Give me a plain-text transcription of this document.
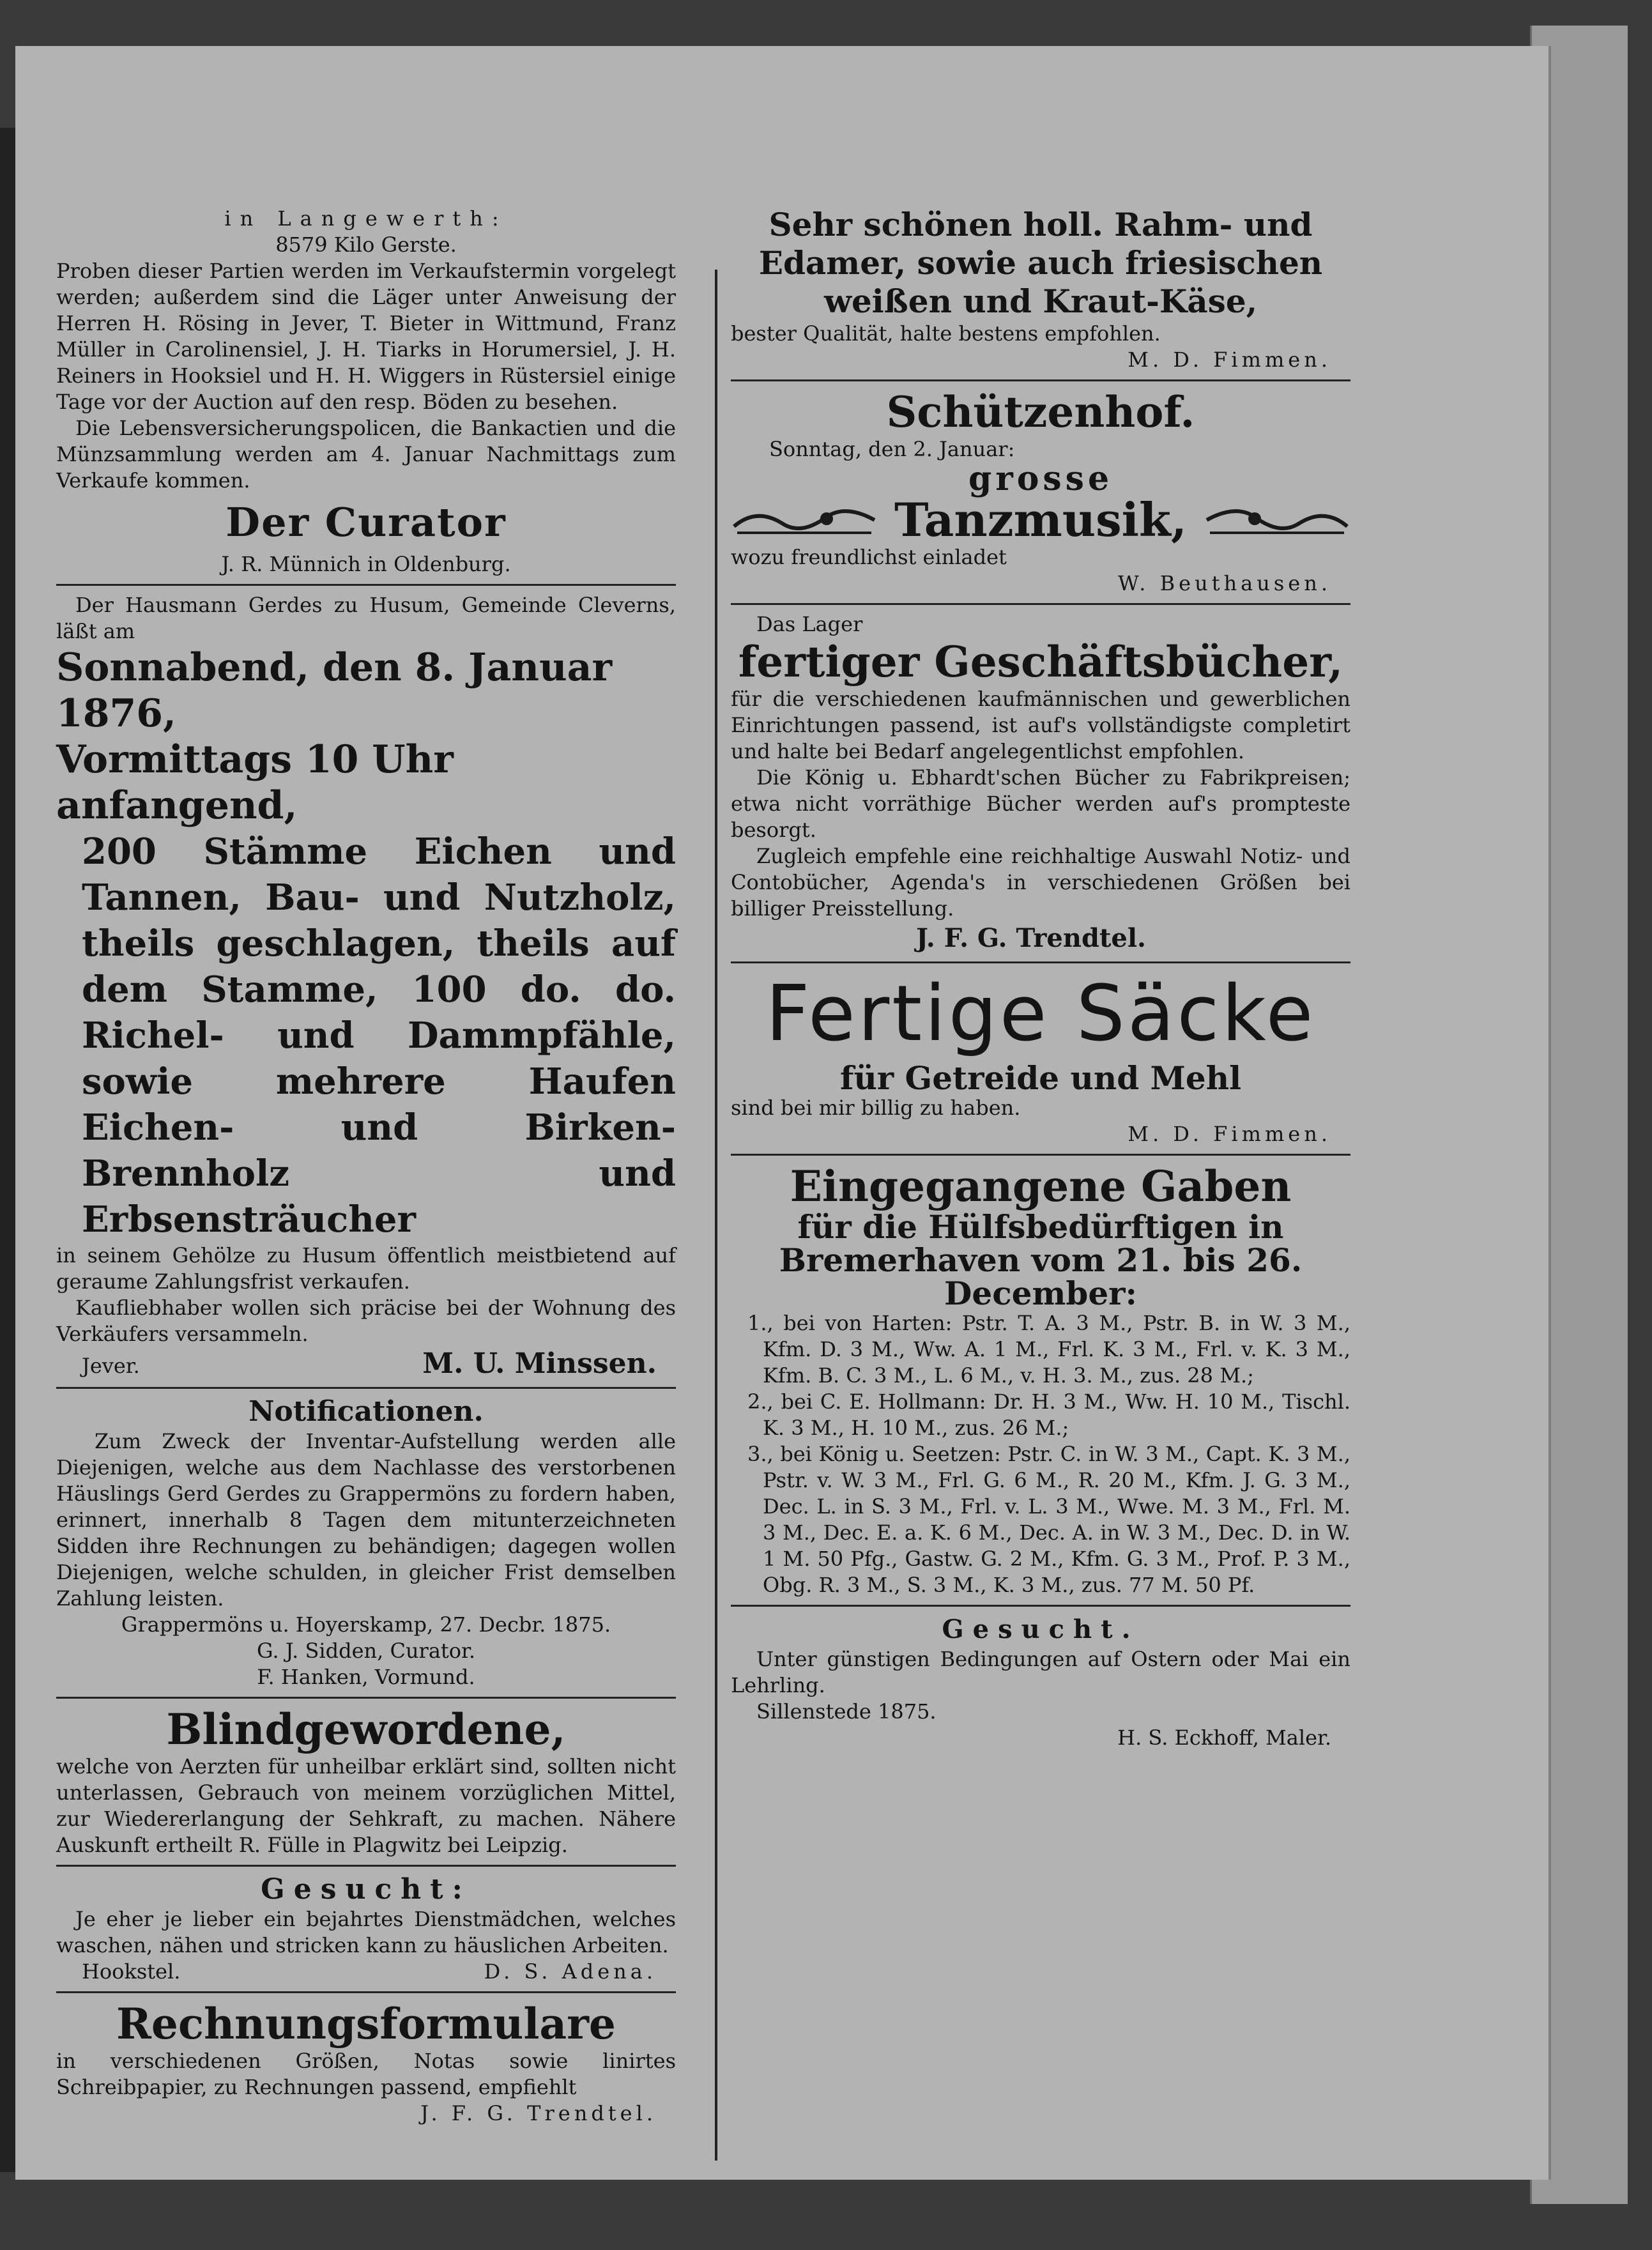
in Langewerth:

8579 Kilo Gerste.

Proben dieser Partien werden im Verkaufstermin vorgelegt werden; außerdem sind die Läger unter Anweisung der Herren H. Rösing in Jever, T. Bieter in Wittmund, Franz Müller in Carolinensiel, J. H. Tiarks in Horumersiel, J. H. Reiners in Hooksiel und H. H. Wiggers in Rüstersiel einige Tage vor der Auction auf den resp. Böden zu besehen.

Die Lebensversicherungspolicen, die Bankactien und die Münzsammlung werden am 4. Januar Nachmittags zum Verkaufe kommen.

Der Curator

J. R. Münnich in Oldenburg.

Der Hausmann Gerdes zu Husum, Gemeinde Cleverns, läßt am

Sonnabend, den 8. Januar 1876,

Vormittags 10 Uhr anfangend,

200 Stämme Eichen und Tannen, Bau- und Nutzholz, theils geschlagen, theils auf dem Stamme, 100 do. do. Richel- und Dammpfähle, sowie mehrere Haufen Eichen- und Birken-Brennholz und Erbsensträucher

in seinem Gehölze zu Husum öffentlich meistbietend auf geraume Zahlungsfrist verkaufen.

Kaufliebhaber wollen sich präcise bei der Wohnung des Verkäufers versammeln.

Jever.	M. U. Minssen.

Notificationen.

Zum Zweck der Inventar-Aufstellung werden alle Diejenigen, welche aus dem Nachlasse des verstorbenen Häuslings Gerd Gerdes zu Grappermöns zu fordern haben, erinnert, innerhalb 8 Tagen dem mitunterzeichneten Sidden ihre Rechnungen zu behändigen; dagegen wollen Diejenigen, welche schulden, in gleicher Frist demselben Zahlung leisten.

Grappermöns u. Hoyerskamp, 27. Decbr. 1875.

G. J. Sidden, Curator.

F. Hanken, Vormund.

Blindgewordene,

welche von Aerzten für unheilbar erklärt sind, sollten nicht unterlassen, Gebrauch von meinem vorzüglichen Mittel, zur Wiedererlangung der Sehkraft, zu machen. Nähere Auskunft ertheilt R. Fülle in Plagwitz bei Leipzig.

Gesucht:

Je eher je lieber ein bejahrtes Dienstmädchen, welches waschen, nähen und stricken kann zu häuslichen Arbeiten.

Hookstel.	D. S. Adena.

Rechnungsformulare

in verschiedenen Größen, Notas sowie linirtes Schreibpapier, zu Rechnungen passend, empfiehlt

J. F. G. Trendtel.

Sehr schönen holl. Rahm- und Edamer, sowie auch friesischen weißen und Kraut-Käse,

bester Qualität, halte bestens empfohlen.

M. D. Fimmen.

Schützenhof.

Sonntag, den 2. Januar:

grosse

Tanzmusik,

wozu freundlichst einladet

W. Beuthausen.

Das Lager

fertiger Geschäftsbücher,

für die verschiedenen kaufmännischen und gewerblichen Einrichtungen passend, ist auf's vollständigste completirt und halte bei Bedarf angelegentlichst empfohlen.

Die König u. Ebhardt'schen Bücher zu Fabrikpreisen; etwa nicht vorräthige Bücher werden auf's prompteste besorgt.

Zugleich empfehle eine reichhaltige Auswahl Notiz- und Contobücher, Agenda's in verschiedenen Größen bei billiger Preisstellung.

J. F. G. Trendtel.

Fertige Säcke

für Getreide und Mehl

sind bei mir billig zu haben.

M. D. Fimmen.

Eingegangene Gaben

für die Hülfsbedürftigen in

Bremerhaven vom 21. bis 26.

December:

1., bei von Harten: Pstr. T. A. 3 M., Pstr. B. in W. 3 M., Kfm. D. 3 M., Ww. A. 1 M., Frl. K. 3 M., Frl. v. K. 3 M., Kfm. B. C. 3 M., L. 6 M., v. H. 3. M., zus. 28 M.;

2., bei C. E. Hollmann: Dr. H. 3 M., Ww. H. 10 M., Tischl. K. 3 M., H. 10 M., zus. 26 M.;

3., bei König u. Seetzen: Pstr. C. in W. 3 M., Capt. K. 3 M., Pstr. v. W. 3 M., Frl. G. 6 M., R. 20 M., Kfm. J. G. 3 M., Dec. L. in S. 3 M., Frl. v. L. 3 M., Wwe. M. 3 M., Frl. M. 3 M., Dec. E. a. K. 6 M., Dec. A. in W. 3 M., Dec. D. in W. 1 M. 50 Pfg., Gastw. G. 2 M., Kfm. G. 3 M., Prof. P. 3 M., Obg. R. 3 M., S. 3 M., K. 3 M., zus. 77 M. 50 Pf.

Gesucht.

Unter günstigen Bedingungen auf Ostern oder Mai ein Lehrling.

Sillenstede 1875.

H. S. Eckhoff, Maler.
